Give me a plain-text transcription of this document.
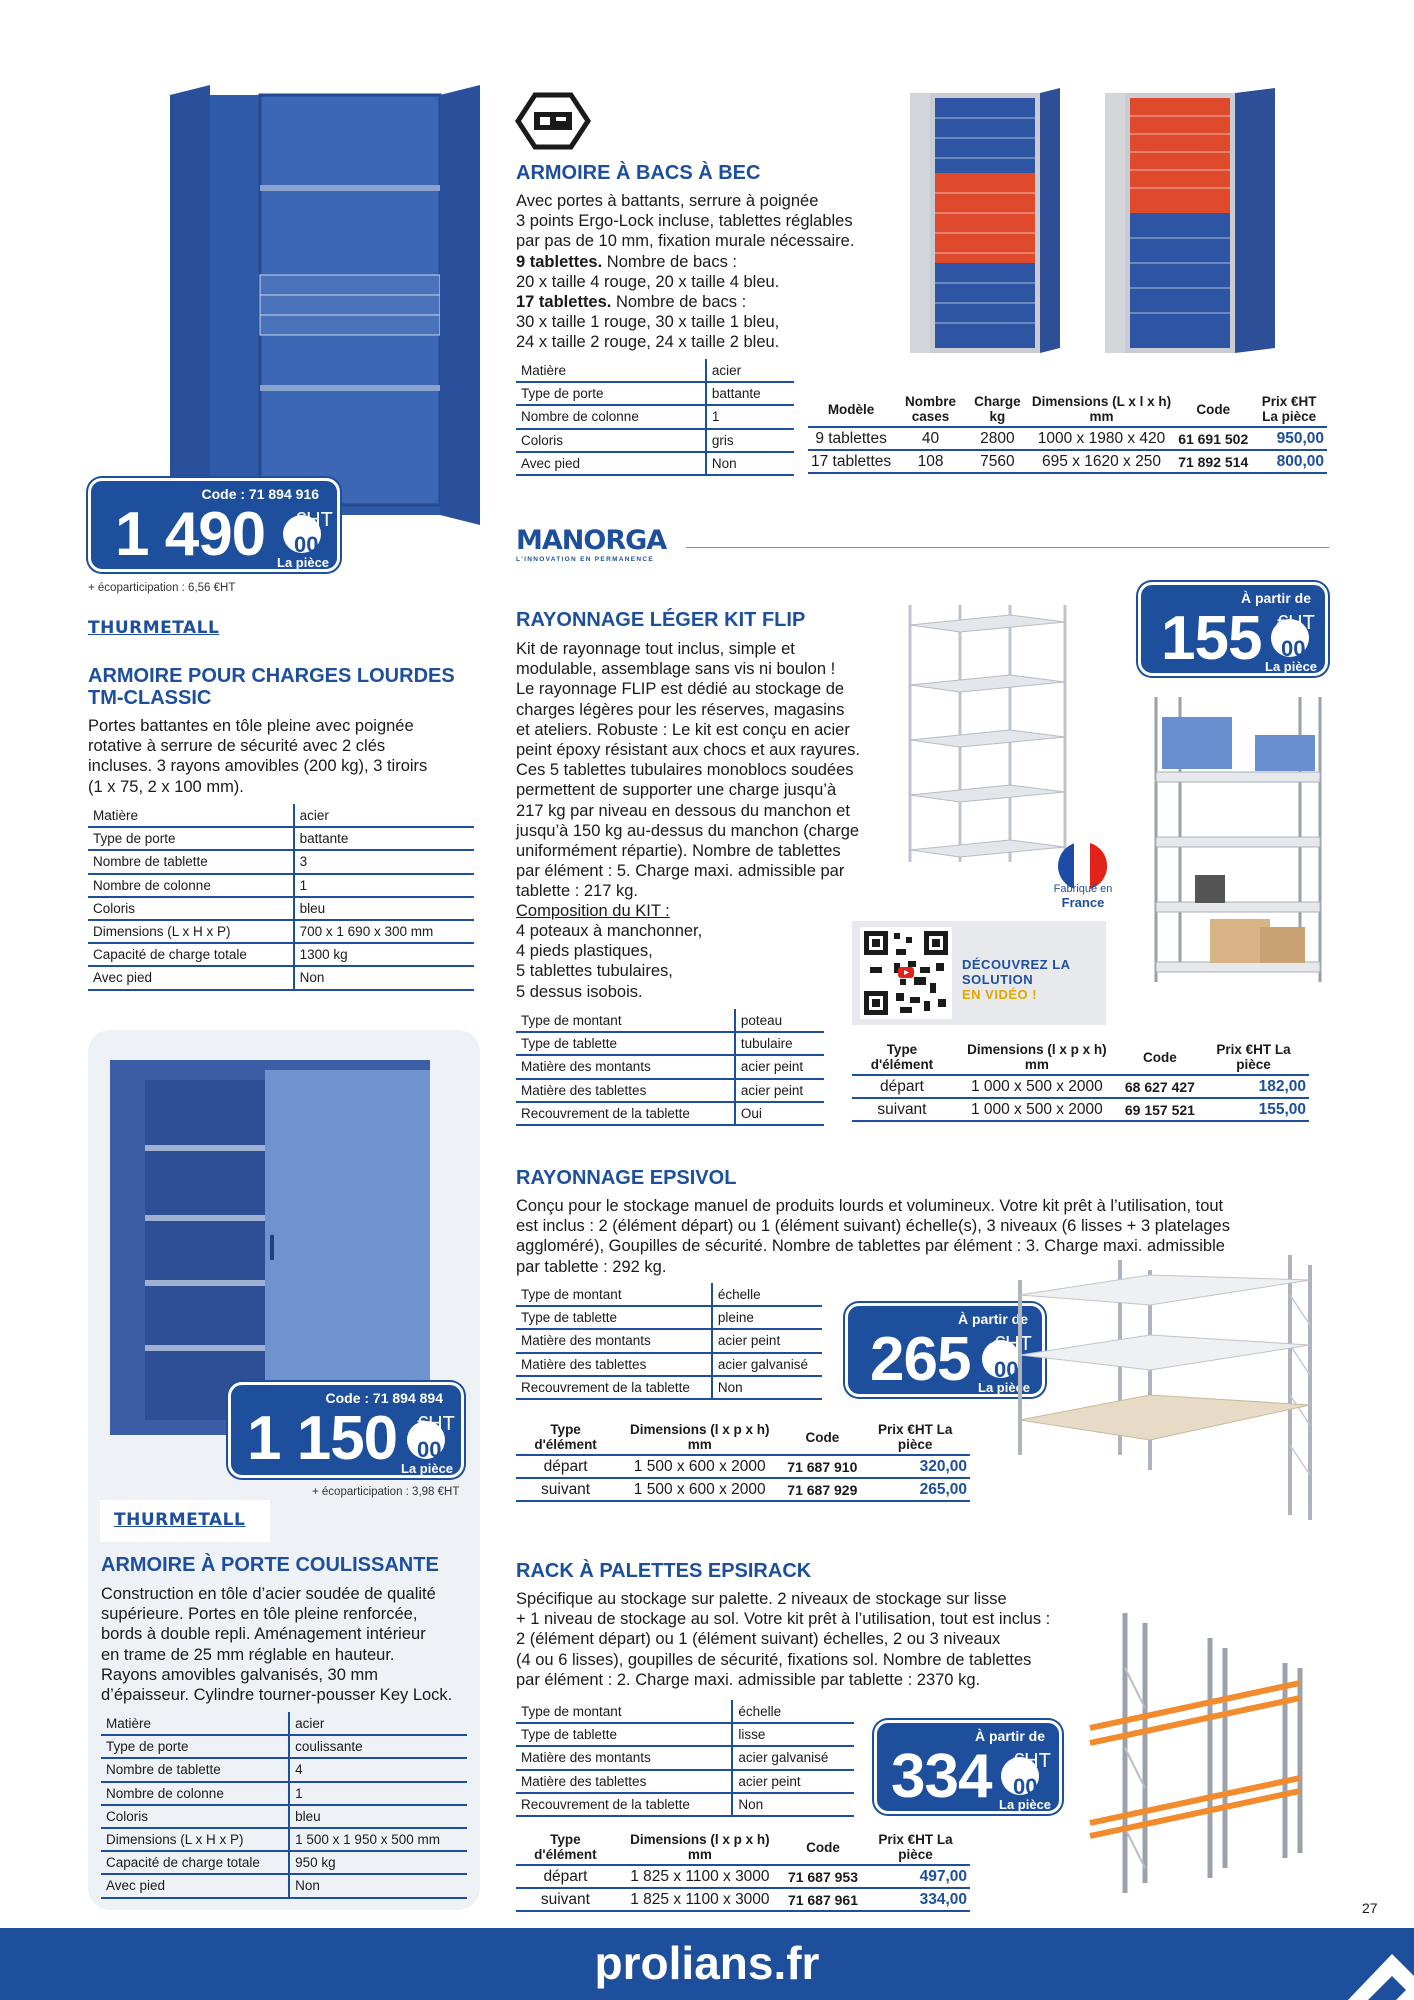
Code : 71 894 916
1 490 €HT
00
La pièce
+ écoparticipation : 6,56 €HT
THURMETALL
ARMOIRE POUR CHARGES LOURDES
TM-CLASSIC
Portes battantes en tôle pleine avec poignée
rotative à serrure de sécurité avec 2 clés
incluses. 3 rayons amovibles (200 kg), 3 tiroirs
(1 x 75, 2 x 100 mm).
Matière	acier
Type de porte	battante
Nombre de tablette	3
Nombre de colonne	1
Coloris	bleu
Dimensions (L x H x P)	700 x 1 690 x 300 mm
Capacité de charge totale	1300 kg
Avec pied	Non
Code : 71 894 894
1 150 €HT
00
La pièce
+ écoparticipation : 3,98 €HT
THURMETALL
ARMOIRE À PORTE COULISSANTE
Construction en tôle d’acier soudée de qualité
supérieure. Portes en tôle pleine renforcée,
bords à double repli. Aménagement intérieur
en trame de 25 mm réglable en hauteur.
Rayons amovibles galvanisés, 30 mm
d’épaisseur. Cylindre tourner-pousser Key Lock.
Matière	acier
Type de porte	coulissante
Nombre de tablette	4
Nombre de colonne	1
Coloris	bleu
Dimensions (L x H x P)	1 500 x 1 950 x 500 mm
Capacité de charge totale	950 kg
Avec pied	Non
ARMOIRE À BACS À BEC
Avec portes à battants, serrure à poignée
3 points Ergo-Lock incluse, tablettes réglables
par pas de 10 mm, fixation murale nécessaire.
9 tablettes. Nombre de bacs :
20 x taille 4 rouge, 20 x taille 4 bleu.
17 tablettes. Nombre de bacs :
30 x taille 1 rouge, 30 x taille 1 bleu,
24 x taille 2 rouge, 24 x taille 2 bleu.
Matière	acier
Type de porte	battante
Nombre de colonne	1
Coloris	gris
Avec pied	Non
Modèle	Nombre cases	Charge kg	Dimensions (L x l x h) mm	Code	Prix €HT La pièce
9 tablettes	40	2800	1000 x 1980 x 420	61 691 502	950,00
17 tablettes	108	7560	695 x 1620 x 250	71 892 514	800,00
MANORGA
L'INNOVATION EN PERMANENCE
RAYONNAGE LÉGER KIT FLIP
Kit de rayonnage tout inclus, simple et
modulable, assemblage sans vis ni boulon !
Le rayonnage FLIP est dédié au stockage de
charges légères pour les réserves, magasins
et ateliers. Robuste : Le kit est conçu en acier
peint époxy résistant aux chocs et aux rayures.
Ces 5 tablettes tubulaires monoblocs soudées
permettent de supporter une charge jusqu’à
217 kg par niveau en dessous du manchon et
jusqu’à 150 kg au-dessus du manchon (charge
uniformément répartie). Nombre de tablettes
par élément : 5. Charge maxi. admissible par
tablette : 217 kg.
Composition du KIT :
4 poteaux à manchonner,
4 pieds plastiques,
5 tablettes tubulaires,
5 dessus isobois.
À partir de
155 €HT
00
La pièce
Fabriqué en
France
DÉCOUVREZ LA SOLUTION
EN VIDÉO !
Type de montant	poteau
Type de tablette	tubulaire
Matière des montants	acier peint
Matière des tablettes	acier peint
Recouvrement de la tablette	Oui
Type d'élément	Dimensions (l x p x h) mm	Code	Prix €HT La pièce
départ	1 000 x 500 x 2000	68 627 427	182,00
suivant	1 000 x 500 x 2000	69 157 521	155,00
RAYONNAGE EPSIVOL
Conçu pour le stockage manuel de produits lourds et volumineux. Votre kit prêt à l’utilisation, tout
est inclus : 2 (élément départ) ou 1 (élément suivant) échelle(s), 3 niveaux (6 lisses + 3 platelages
aggloméré), Goupilles de sécurité. Nombre de tablettes par élément : 3. Charge maxi. admissible
par tablette : 292 kg.
Type de montant	échelle
Type de tablette	pleine
Matière des montants	acier peint
Matière des tablettes	acier galvanisé
Recouvrement de la tablette	Non
À partir de
265 €HT
00
La pièce
Type d'élément	Dimensions (l x p x h) mm	Code	Prix €HT La pièce
départ	1 500 x 600 x 2000	71 687 910	320,00
suivant	1 500 x 600 x 2000	71 687 929	265,00
RACK À PALETTES EPSIRACK
Spécifique au stockage sur palette. 2 niveaux de stockage sur lisse
+ 1 niveau de stockage au sol. Votre kit prêt à l’utilisation, tout est inclus :
2 (élément départ) ou 1 (élément suivant) échelles, 2 ou 3 niveaux
(4 ou 6 lisses), goupilles de sécurité, fixations sol. Nombre de tablettes
par élément : 2. Charge maxi. admissible par tablette : 2370 kg.
Type de montant	échelle
Type de tablette	lisse
Matière des montants	acier galvanisé
Matière des tablettes	acier peint
Recouvrement de la tablette	Non
À partir de
334 €HT
00
La pièce
Type d'élément	Dimensions (l x p x h) mm	Code	Prix €HT La pièce
départ	1 825 x 1100 x 3000	71 687 953	497,00
suivant	1 825 x 1100 x 3000	71 687 961	334,00
27
prolians.fr
